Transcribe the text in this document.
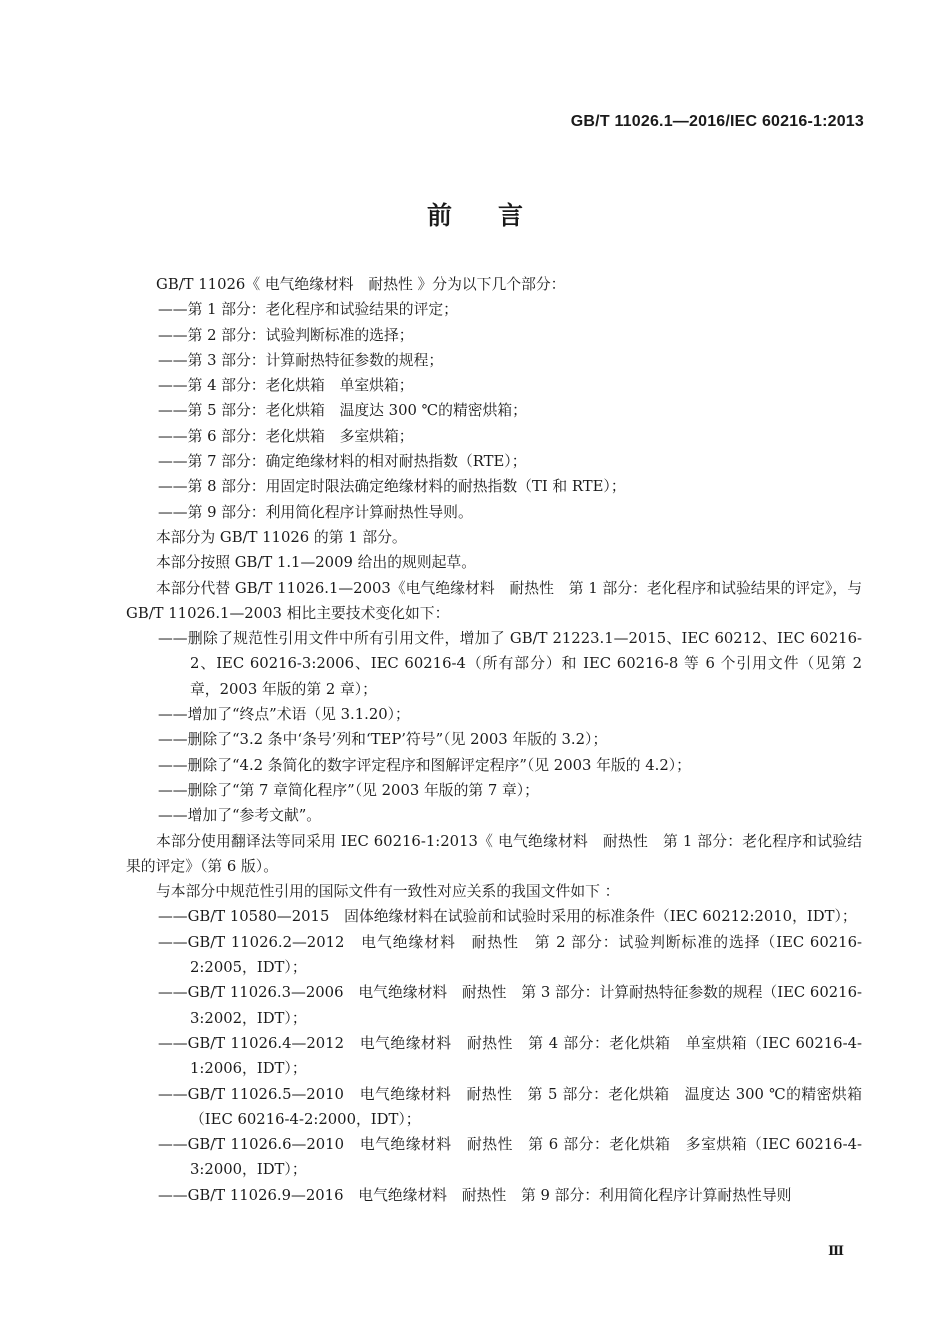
GB/T 11026.1—2016/IEC 60216-1:2013
前言
GB/T 11026《 电气绝缘材料　耐热性 》分为以下几个部分：
——第 1 部分：老化程序和试验结果的评定；
——第 2 部分：试验判断标准的选择；
——第 3 部分：计算耐热特征参数的规程；
——第 4 部分：老化烘箱　单室烘箱；
——第 5 部分：老化烘箱　温度达 300 ℃的精密烘箱；
——第 6 部分：老化烘箱　多室烘箱；
——第 7 部分：确定绝缘材料的相对耐热指数（RTE）；
——第 8 部分：用固定时限法确定绝缘材料的耐热指数（TI 和 RTE）；
——第 9 部分：利用简化程序计算耐热性导则。
本部分为 GB/T 11026 的第 1 部分。
本部分按照 GB/T 1.1—2009 给出的规则起草。
本部分代替 GB/T 11026.1—2003《电气绝缘材料　耐热性　第 1 部分：老化程序和试验结果的评定》，与 GB/T 11026.1—2003 相比主要技术变化如下：
——删除了规范性引用文件中所有引用文件，增加了 GB/T 21223.1—2015、IEC 60212、IEC 60216-2、IEC 60216-3:2006、IEC 60216-4（所有部分）和 IEC 60216-8 等 6 个引用文件（见第 2 章，2003 年版的第 2 章）；
——增加了“终点”术语（见 3.1.20）；
——删除了“3.2 条中‘条号’列和‘TEP’符号”（见 2003 年版的 3.2）；
——删除了“4.2 条简化的数字评定程序和图解评定程序”（见 2003 年版的 4.2）；
——删除了“第 7 章简化程序”（见 2003 年版的第 7 章）；
——增加了“参考文献”。
本部分使用翻译法等同采用 IEC 60216-1:2013《 电气绝缘材料　耐热性　第 1 部分：老化程序和试验结果的评定》（第 6 版）。
与本部分中规范性引用的国际文件有一致性对应关系的我国文件如下 ：
——GB/T 10580—2015　固体绝缘材料在试验前和试验时采用的标准条件（IEC 60212:2010，IDT）；
——GB/T 11026.2—2012　电气绝缘材料　耐热性　第 2 部分：试验判断标准的选择（IEC 60216-2:2005，IDT）；
——GB/T 11026.3—2006　电气绝缘材料　耐热性　第 3 部分：计算耐热特征参数的规程（IEC 60216-3:2002，IDT）；
——GB/T 11026.4—2012　电气绝缘材料　耐热性　第 4 部分：老化烘箱　单室烘箱（IEC 60216-4-1:2006，IDT）；
——GB/T 11026.5—2010　电气绝缘材料　耐热性　第 5 部分：老化烘箱　温度达 300 ℃的精密烘箱（IEC 60216-4-2:2000，IDT）；
——GB/T 11026.6—2010　电气绝缘材料　耐热性　第 6 部分：老化烘箱　多室烘箱（IEC 60216-4-3:2000，IDT）；
——GB/T 11026.9—2016　电气绝缘材料　耐热性　第 9 部分：利用简化程序计算耐热性导则
Ⅲ
